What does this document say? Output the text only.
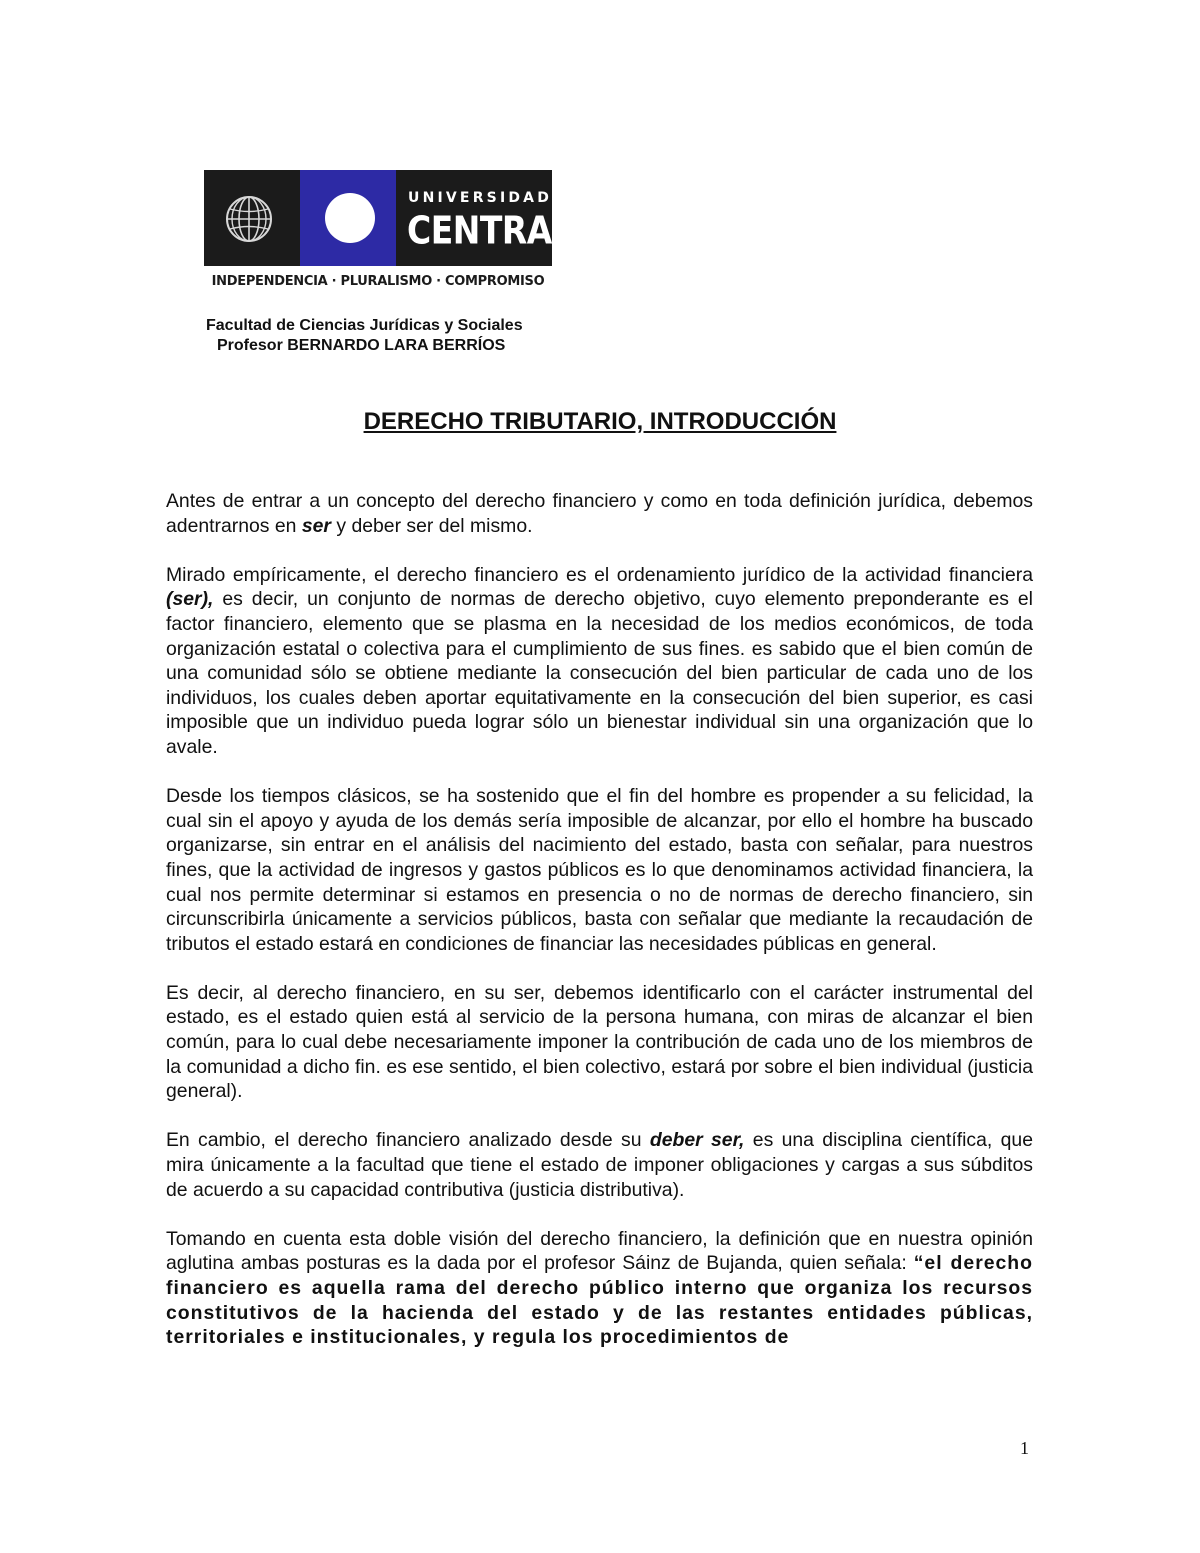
UNIVERSIDAD
CENTRAL
INDEPENDENCIA · PLURALISMO · COMPROMISO
Facultad de Ciencias Jurídicas y Sociales
Profesor BERNARDO LARA BERRÍOS
DERECHO TRIBUTARIO, INTRODUCCIÓN

Antes de entrar a un concepto del derecho financiero y como en toda definición jurídica, debemos adentrarnos en ser y deber ser del mismo.

Mirado empíricamente, el derecho financiero es el ordenamiento jurídico de la actividad financiera (ser), es decir, un conjunto de normas de derecho objetivo, cuyo elemento preponderante es el factor financiero, elemento que se plasma en la necesidad de los medios económicos, de toda organización estatal o colectiva para el cumplimiento de sus fines. es sabido que el bien común de una comunidad sólo se obtiene mediante la consecución del bien particular de cada uno de los individuos, los cuales deben aportar equitativamente en la consecución del bien superior, es casi imposible que un individuo pueda lograr sólo un bienestar individual sin una organización que lo avale.

Desde los tiempos clásicos, se ha sostenido que el fin del hombre es propender a su felicidad, la cual sin el apoyo y ayuda de los demás sería imposible de alcanzar, por ello el hombre ha buscado organizarse, sin entrar en el análisis del nacimiento del estado, basta con señalar, para nuestros fines, que la actividad de ingresos y gastos públicos es lo que denominamos actividad financiera, la cual nos permite determinar si estamos en presencia o no de normas de derecho financiero, sin circunscribirla únicamente a servicios públicos, basta con señalar que mediante la recaudación de tributos el estado estará en condiciones de financiar las necesidades públicas en general.

Es decir, al derecho financiero, en su ser, debemos identificarlo con el carácter instrumental del estado, es el estado quien está al servicio de la persona humana, con miras de alcanzar el bien común, para lo cual debe necesariamente imponer la contribución de cada uno de los miembros de la comunidad a dicho fin. es ese sentido, el bien colectivo, estará por sobre el bien individual (justicia general).

En cambio, el derecho financiero analizado desde su deber ser, es una disciplina científica, que mira únicamente a la facultad que tiene el estado de imponer obligaciones y cargas a sus súbditos de acuerdo a su capacidad contributiva (justicia distributiva).

Tomando en cuenta esta doble visión del derecho financiero, la definición que en nuestra opinión aglutina ambas posturas es la dada por el profesor Sáinz de Bujanda, quien señala: “el derecho financiero es aquella rama del derecho público interno que organiza los recursos constitutivos de la hacienda del estado y de las restantes entidades públicas, territoriales e institucionales, y regula los procedimientos de

1
